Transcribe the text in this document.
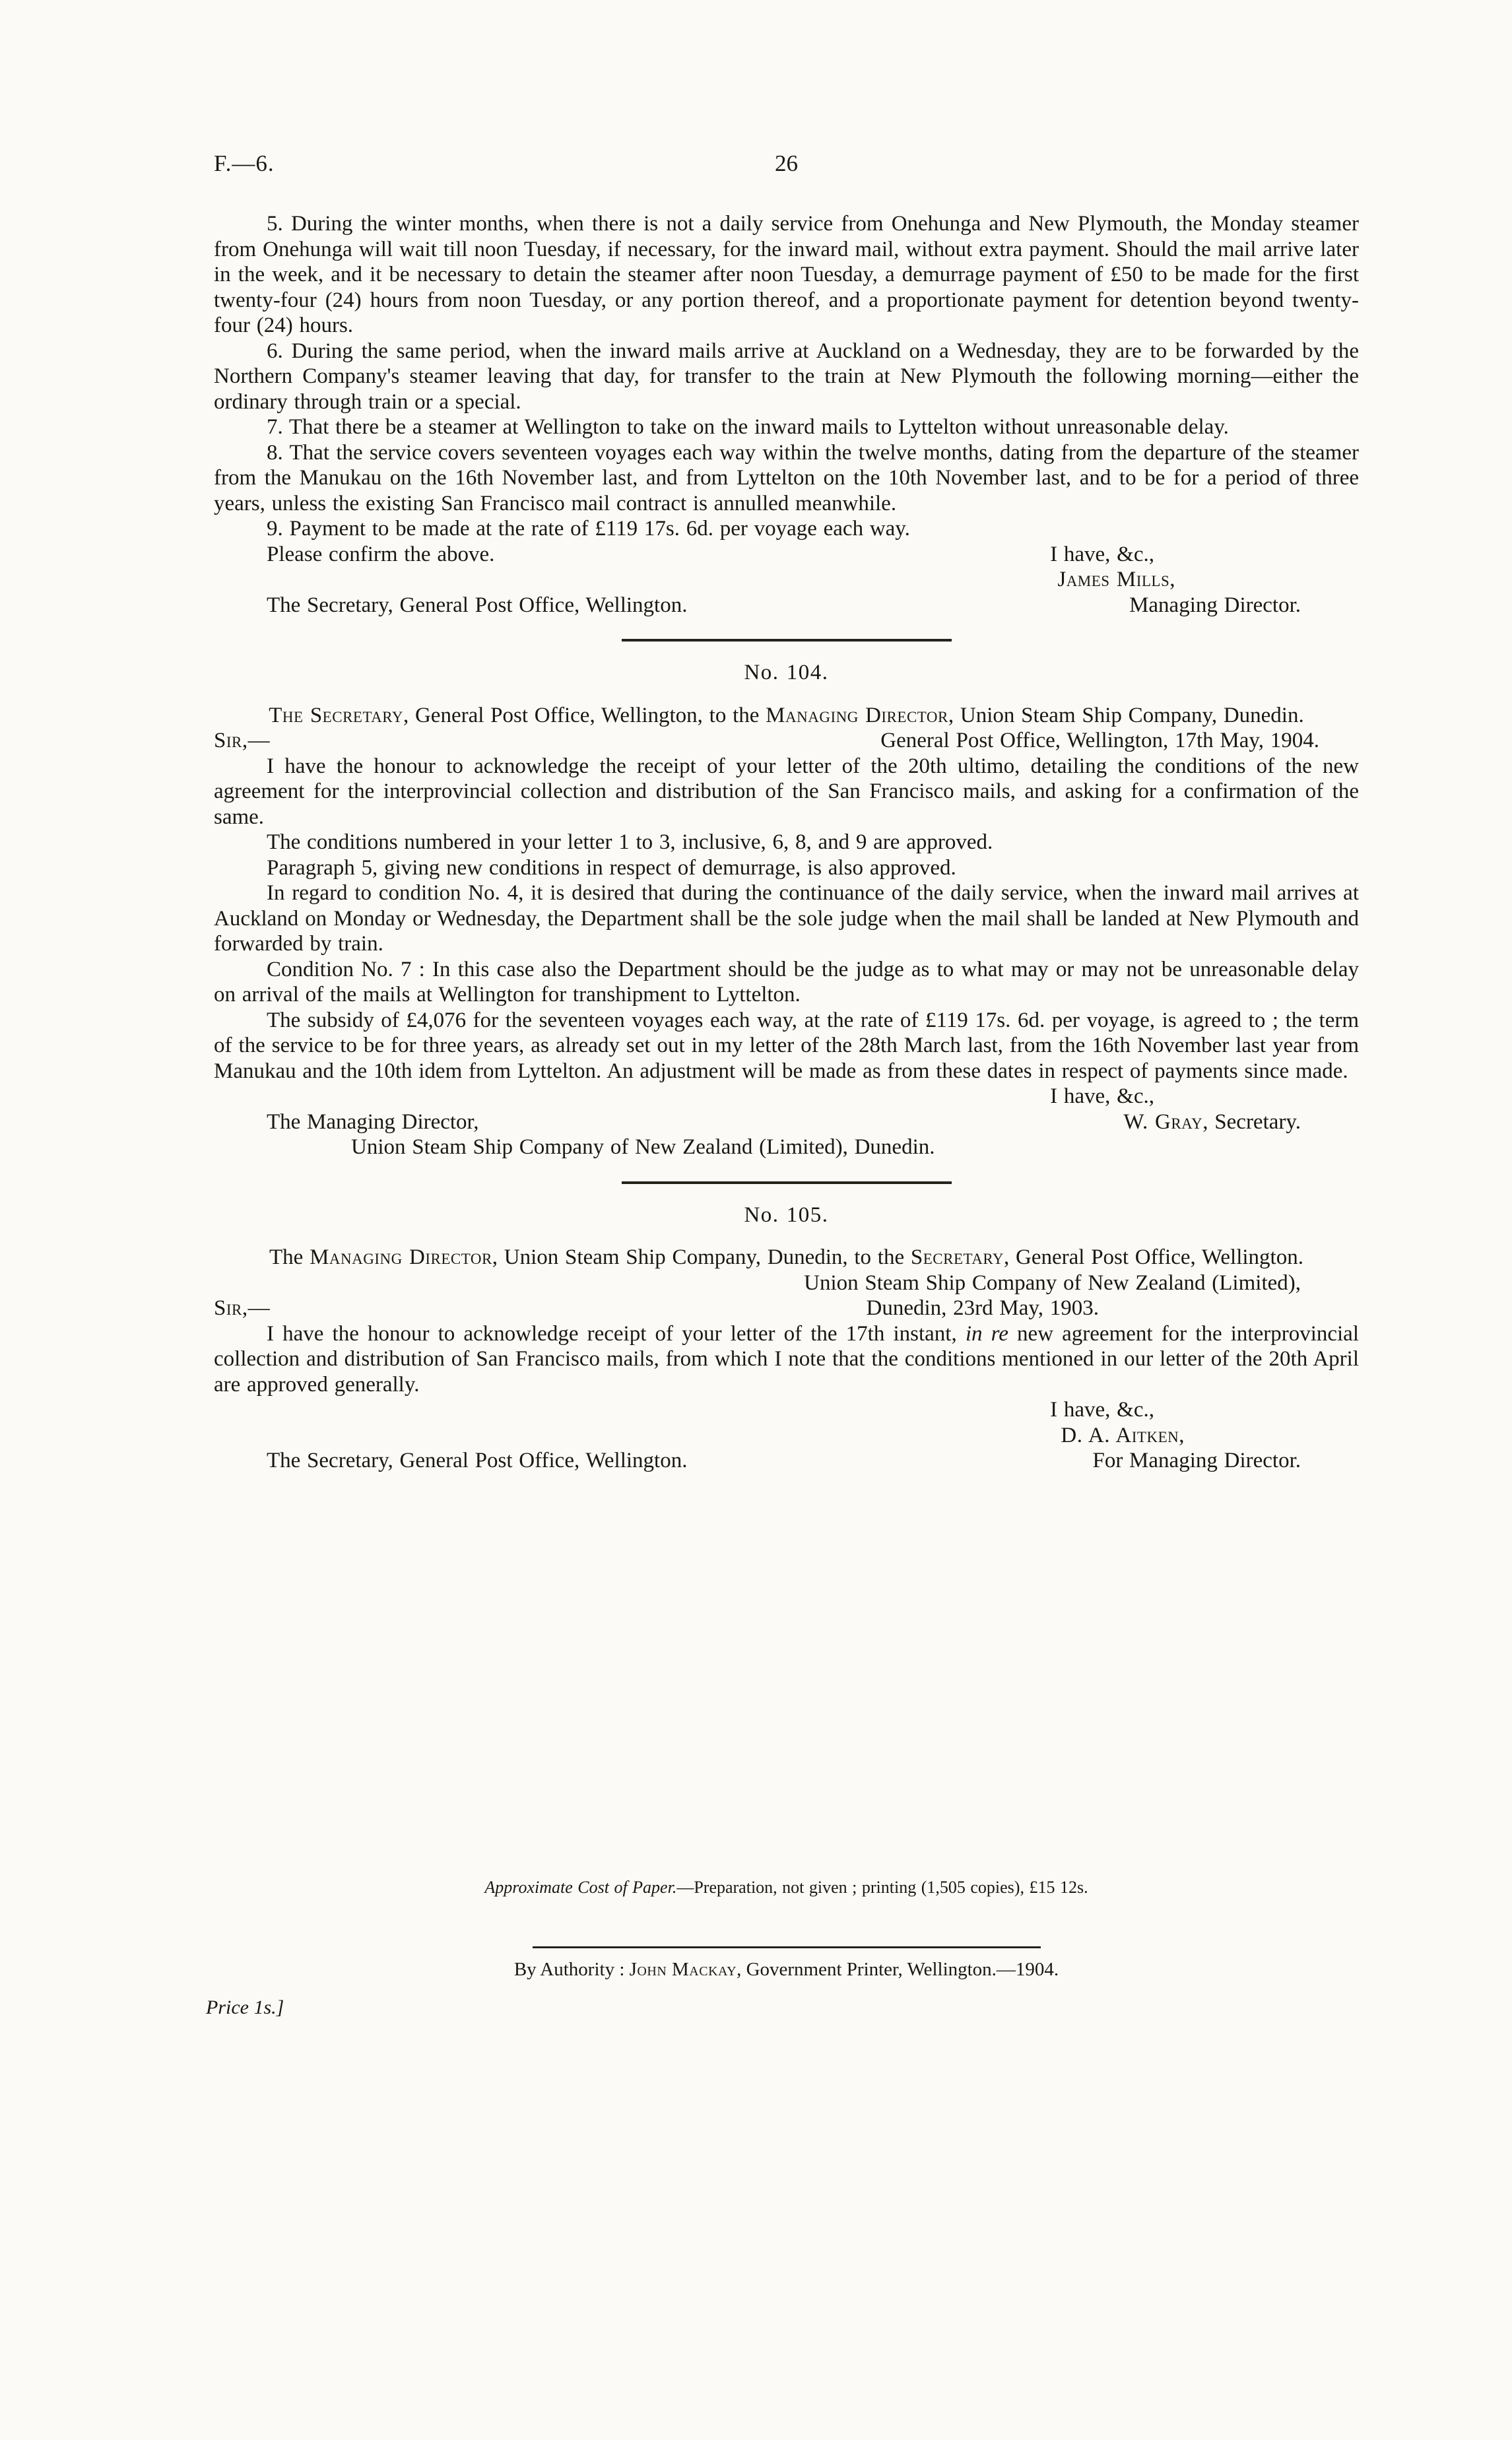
F.—6.	26

5. During the winter months, when there is not a daily service from Onehunga and New Plymouth, the Monday steamer from Onehunga will wait till noon Tuesday, if necessary, for the inward mail, without extra payment. Should the mail arrive later in the week, and it be necessary to detain the steamer after noon Tuesday, a demurrage payment of £50 to be made for the first twenty-four (24) hours from noon Tuesday, or any portion thereof, and a proportionate payment for detention beyond twenty-four (24) hours.

6. During the same period, when the inward mails arrive at Auckland on a Wednesday, they are to be forwarded by the Northern Company's steamer leaving that day, for transfer to the train at New Plymouth the following morning—either the ordinary through train or a special.

7. That there be a steamer at Wellington to take on the inward mails to Lyttelton without unreasonable delay.

8. That the service covers seventeen voyages each way within the twelve months, dating from the departure of the steamer from the Manukau on the 16th November last, and from Lyttelton on the 10th November last, and to be for a period of three years, unless the existing San Francisco mail contract is annulled meanwhile.

9. Payment to be made at the rate of £119 17s. 6d. per voyage each way.

Please confirm the above.	I have, &c.,
James Mills,
The Secretary, General Post Office, Wellington.	Managing Director.

No. 104.

The Secretary, General Post Office, Wellington, to the Managing Director, Union Steam Ship Company, Dunedin.

Sir,—	General Post Office, Wellington, 17th May, 1904.

I have the honour to acknowledge the receipt of your letter of the 20th ultimo, detailing the conditions of the new agreement for the interprovincial collection and distribution of the San Francisco mails, and asking for a confirmation of the same.

The conditions numbered in your letter 1 to 3, inclusive, 6, 8, and 9 are approved.

Paragraph 5, giving new conditions in respect of demurrage, is also approved.

In regard to condition No. 4, it is desired that during the continuance of the daily service, when the inward mail arrives at Auckland on Monday or Wednesday, the Department shall be the sole judge when the mail shall be landed at New Plymouth and forwarded by train.

Condition No. 7 : In this case also the Department should be the judge as to what may or may not be unreasonable delay on arrival of the mails at Wellington for transhipment to Lyttelton.

The subsidy of £4,076 for the seventeen voyages each way, at the rate of £119 17s. 6d. per voyage, is agreed to ; the term of the service to be for three years, as already set out in my letter of the 28th March last, from the 16th November last year from Manukau and the 10th idem from Lyttelton. An adjustment will be made as from these dates in respect of payments since made.

I have, &c.,
The Managing Director,	W. Gray, Secretary.
Union Steam Ship Company of New Zealand (Limited), Dunedin.

No. 105.

The Managing Director, Union Steam Ship Company, Dunedin, to the Secretary, General Post Office, Wellington.

Union Steam Ship Company of New Zealand (Limited),
Sir,—	Dunedin, 23rd May, 1903.

I have the honour to acknowledge receipt of your letter of the 17th instant, in re new agreement for the interprovincial collection and distribution of San Francisco mails, from which I note that the conditions mentioned in our letter of the 20th April are approved generally.

I have, &c.,
D. A. Aitken,
The Secretary, General Post Office, Wellington.	For Managing Director.
Approximate Cost of Paper.—Preparation, not given ; printing (1,505 copies), £15 12s.
By Authority : John Mackay, Government Printer, Wellington.—1904.
Price 1s.]
